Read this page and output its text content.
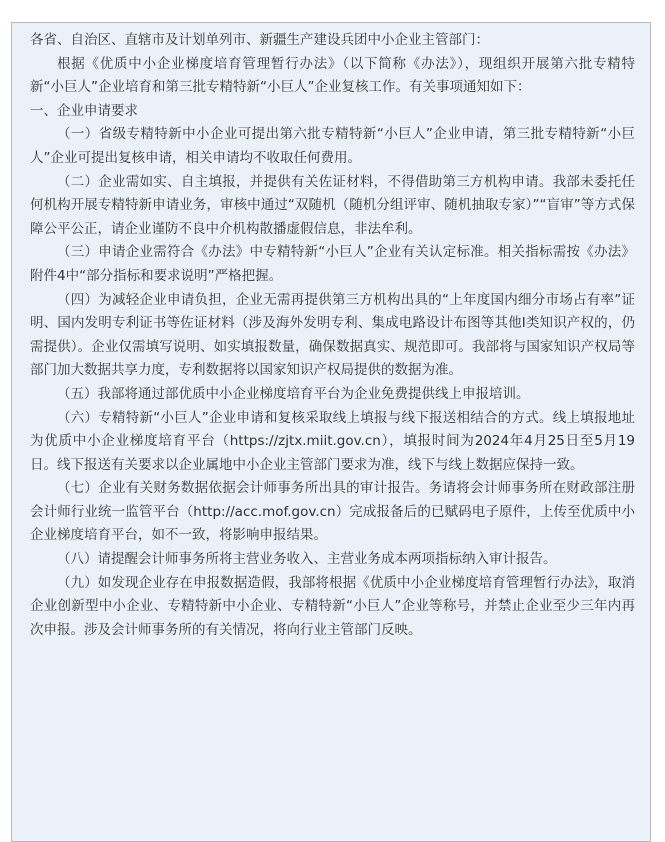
各省、自治区、直辖市及计划单列市、新疆生产建设兵团中小企业主管部门：

根据《优质中小企业梯度培育管理暂行办法》（以下简称《办法》），现组织开展第六批专精特新“小巨人”企业培育和第三批专精特新“小巨人”企业复核工作。有关事项通知如下：

一、企业申请要求

（一）省级专精特新中小企业可提出第六批专精特新“小巨人”企业申请，第三批专精特新“小巨人”企业可提出复核申请，相关申请均不收取任何费用。

（二）企业需如实、自主填报，并提供有关佐证材料，不得借助第三方机构申请。我部未委托任何机构开展专精特新申请业务，审核中通过“双随机（随机分组评审、随机抽取专家）”“盲审”等方式保障公平公正，请企业谨防不良中介机构散播虚假信息，非法牟利。

（三）申请企业需符合《办法》中专精特新“小巨人”企业有关认定标准。相关指标需按《办法》附件4中“部分指标和要求说明”严格把握。

（四）为减轻企业申请负担，企业无需再提供第三方机构出具的“上年度国内细分市场占有率”证明、国内发明专利证书等佐证材料（涉及海外发明专利、集成电路设计布图等其他I类知识产权的，仍需提供）。企业仅需填写说明、如实填报数量，确保数据真实、规范即可。我部将与国家知识产权局等部门加大数据共享力度，专利数据将以国家知识产权局提供的数据为准。

（五）我部将通过部优质中小企业梯度培育平台为企业免费提供线上申报培训。

（六）专精特新“小巨人”企业申请和复核采取线上填报与线下报送相结合的方式。线上填报地址为优质中小企业梯度培育平台（https://zjtx.miit.gov.cn），填报时间为2024年4月25日至5月19日。线下报送有关要求以企业属地中小企业主管部门要求为准，线下与线上数据应保持一致。

（七）企业有关财务数据依据会计师事务所出具的审计报告。务请将会计师事务所在财政部注册会计师行业统一监管平台（http://acc.mof.gov.cn）完成报备后的已赋码电子原件，上传至优质中小企业梯度培育平台，如不一致，将影响申报结果。

（八）请提醒会计师事务所将主营业务收入、主营业务成本两项指标纳入审计报告。

（九）如发现企业存在申报数据造假，我部将根据《优质中小企业梯度培育管理暂行办法》，取消企业创新型中小企业、专精特新中小企业、专精特新“小巨人”企业等称号，并禁止企业至少三年内再次申报。涉及会计师事务所的有关情况，将向行业主管部门反映。
